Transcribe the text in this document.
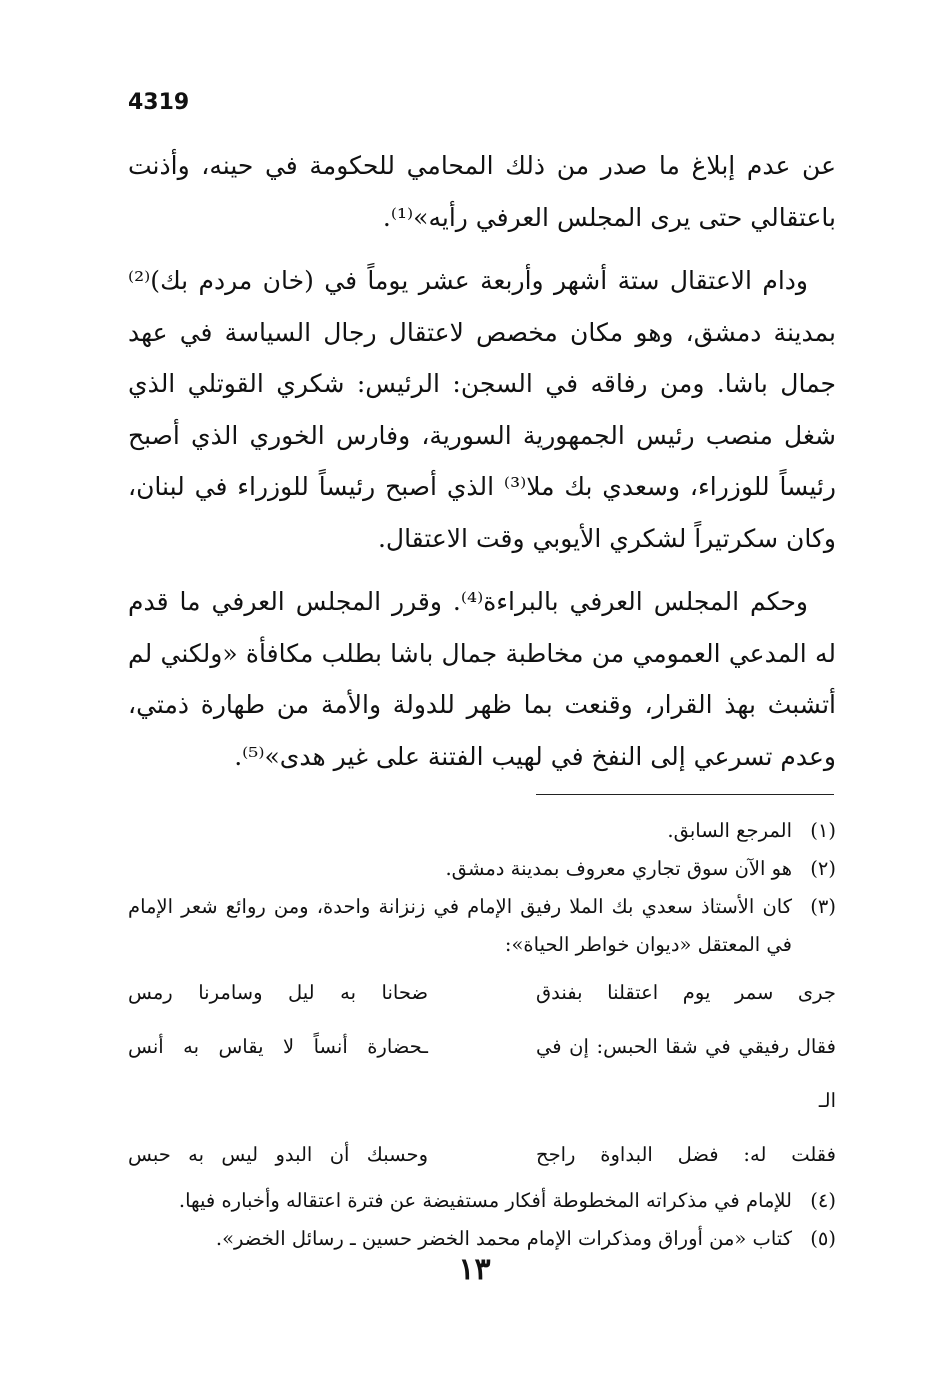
4319

عن عدم إبلاغ ما صدر من ذلك المحامي للحكومة في حينه، وأذنت باعتقالي حتى يرى المجلس العرفي رأيه»⁽¹⁾.

ودام الاعتقال ستة أشهر وأربعة عشر يوماً في (خان مردم بك)⁽²⁾ بمدينة دمشق، وهو مكان مخصص لاعتقال رجال السياسة في عهد جمال باشا. ومن رفاقه في السجن: الرئيس: شكري القوتلي الذي شغل منصب رئيس الجمهورية السورية، وفارس الخوري الذي أصبح رئيساً للوزراء، وسعدي بك ملا⁽³⁾ الذي أصبح رئيساً للوزراء في لبنان، وكان سكرتيراً لشكري الأيوبي وقت الاعتقال.

وحكم المجلس العرفي بالبراءة⁽⁴⁾. وقرر المجلس العرفي ما قدم له المدعي العمومي من مخاطبة جمال باشا بطلب مكافأة «ولكني لم أتشبث بهذ القرار، وقنعت بما ظهر للدولة والأمة من طهارة ذمتي، وعدم تسرعي إلى النفخ في لهيب الفتنة على غير هدى»⁽⁵⁾.

(١)
المرجع السابق.
(٢)
هو الآن سوق تجاري معروف بمدينة دمشق.
(٣)
كان الأستاذ سعدي بك الملا رفيق الإمام في زنزانة واحدة، ومن روائع شعر الإمام في المعتقل «ديوان خواطر الحياة»:
جرى سمر يوم اعتقلنا بفندق
ضحانا به ليل وسامرنا رمس
فقال رفيقي في شقا الحبس: إن في الـ
ـحضارة أنساً لا يقاس به أنس
فقلت له: فضل البداوة راجح
وحسبك أن البدو ليس به حبس
(٤)
للإمام في مذكراته المخطوطة أفكار مستفيضة عن فترة اعتقاله وأخباره فيها.
(٥)
كتاب «من أوراق ومذكرات الإمام محمد الخضر حسين ـ رسائل الخضر».
١٣
